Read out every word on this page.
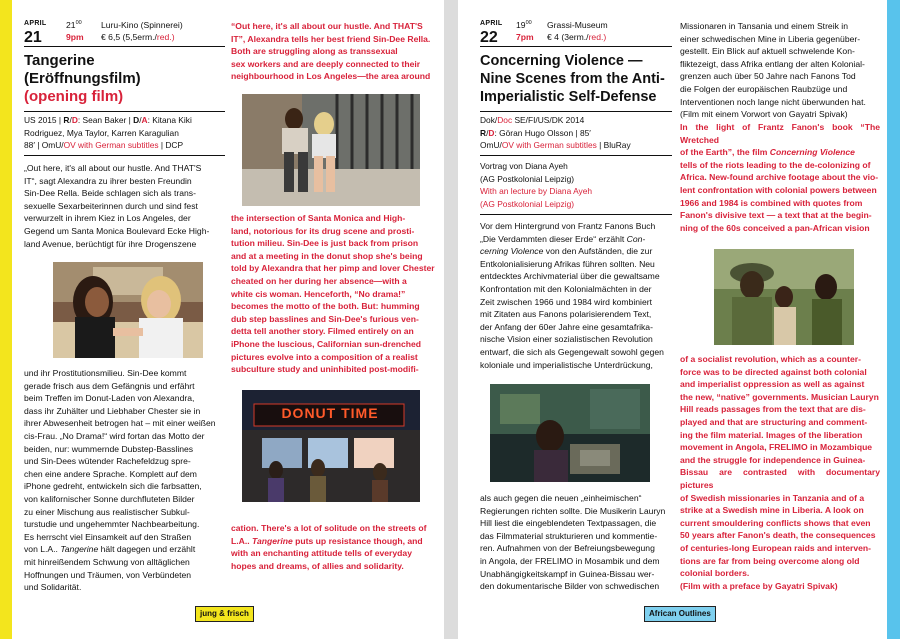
APRIL
21
$21^{00}$
9pm
Luru-Kino (Spinnerei)
€ 6,5 (5,5erm./red.)
Tangerine
(Eröffnungsfilm)
(opening film)
US 2015 | R/D: Sean Baker | D/A: Kitana Kiki
Rodriguez, Mya Taylor, Karren Karagulian
88′ | OmU/OV with German subtitles | DCP
„Out here, it's all about our hustle. And THAT'S
IT“, sagt Alexandra zu ihrer besten Freundin
Sin-Dee Rella. Beide schlagen sich als trans-
sexuelle Sexarbeiterinnen durch und sind fest
verwurzelt in ihrem Kiez in Los Angeles, der
Gegend um Santa Monica Boulevard Ecke High-
land Avenue, berüchtigt für ihre Drogenszene
und ihr Prostitutionsmilieu. Sin-Dee kommt
gerade frisch aus dem Gefängnis und erfährt
beim Treffen im Donut-Laden von Alexandra,
dass ihr Zuhälter und Liebhaber Chester sie in
ihrer Abwesenheit betrogen hat – mit einer weißen
cis-Frau. „No Drama!“ wird fortan das Motto der
beiden, nur: wummernde Dubstep-Basslines
und Sin-Dees wütender Rachefeldzug spre-
chen eine andere Sprache. Komplett auf dem
iPhone gedreht, entwickeln sich die farbsatten,
von kalifornischer Sonne durchfluteten Bilder
zu einer Mischung aus realistischer Subkul-
turstudie und ungehemmter Nachbearbeitung.
Es herrscht viel Einsamkeit auf den Straßen
von L.A.. Tangerine hält dagegen und erzählt
mit hinreißendem Schwung von alltäglichen
Hoffnungen und Träumen, von Verbündeten
und Solidarität.
“Out here, it's all about our hustle. And THAT'S
IT”, Alexandra tells her best friend Sin-Dee Rella.
Both are struggling along as transsexual
sex workers and are deeply connected to their
neighbourhood in Los Angeles—the area around
the intersection of Santa Monica and High-
land, notorious for its drug scene and prosti-
tution milieu. Sin-Dee is just back from prison
and at a meeting in the donut shop she's being
told by Alexandra that her pimp and lover Chester
cheated on her during her absence—with a
white cis woman. Henceforth, “No drama!”
becomes the motto of the both. But: humming
dub step basslines and Sin-Dee's furious ven-
detta tell another story. Filmed entirely on an
iPhone the luscious, Californian sun-drenched
pictures evolve into a composition of a realist
subculture study and uninhibited post-modifi-
DONUT TIME
cation. There's a lot of solitude on the streets of
L.A.. Tangerine puts up resistance though, and
with an enchanting attitude tells of everyday
hopes and dreams, of allies and solidarity.
jung & frisch
APRIL
22
$19^{00}$
7pm
Grassi-Museum
€ 4 (3erm./red.)
Concerning Violence —
Nine Scenes from the Anti-
Imperialistic Self-Defense
Dok/Doc SE/FI/US/DK 2014
R/D: Göran Hugo Olsson | 85′
OmU/OV with German subtitles | BluRay
Vortrag von Diana Ayeh
(AG Postkolonial Leipzig)
With an lecture by Diana Ayeh
(AG Postkolonial Leipzig)
Vor dem Hintergrund von Frantz Fanons Buch
„Die Verdammten dieser Erde“ erzählt Con-
cerning Violence von den Aufständen, die zur
Entkolonialisierung Afrikas führen sollten. Neu
entdecktes Archivmaterial über die gewaltsame
Konfrontation mit den Kolonialmächten in der
Zeit zwischen 1966 und 1984 wird kombiniert
mit Zitaten aus Fanons polarisierendem Text,
der Anfang der 60er Jahre eine gesamtafrika-
nische Vision einer sozialistischen Revolution
entwarf, die sich als Gegengewalt sowohl gegen
koloniale und imperialistische Unterdrückung,
als auch gegen die neuen „einheimischen“
Regierungen richten sollte. Die Musikerin Lauryn
Hill liest die eingeblendeten Textpassagen, die
das Filmmaterial strukturieren und kommentie-
ren. Aufnahmen von der Befreiungsbewegung
in Angola, der FRELIMO in Mosambik und dem
Unabhängigkeitskampf in Guinea-Bissau wer-
den dokumentarische Bilder von schwedischen
Missionaren in Tansania und einem Streik in
einer schwedischen Mine in Liberia gegenüber-
gestellt. Ein Blick auf aktuell schwelende Kon-
fliktezeigt, dass Afrika entlang der alten Kolonial-
grenzen auch über 50 Jahre nach Fanons Tod
die Folgen der europäischen Raubzüge und
Interventionen noch lange nicht überwunden hat.
(Film mit einem Vorwort von Gayatri Spivak)
In the light of Frantz Fanon's book “The Wretched
of the Earth”, the film Concerning Violence
tells of the riots leading to the de-colonizing of
Africa. New-found archive footage about the vio-
lent confrontation with colonial powers between
1966 and 1984 is combined with quotes from
Fanon's divisive text — a text that at the begin-
ning of the 60s conceived a pan-African vision
of a socialist revolution, which as a counter-
force was to be directed against both colonial
and imperialist oppression as well as against
the new, “native” governments. Musician Lauryn
Hill reads passages from the text that are dis-
played and that are structuring and comment-
ing the film material. Images of the liberation
movement in Angola, FRELIMO in Mozambique
and the struggle for independence in Guinea-
Bissau are contrasted with documentary pictures
of Swedish missionaries in Tanzania and of a
strike at a Swedish mine in Liberia. A look on
current smouldering conflicts shows that even
50 years after Fanon's death, the consequences
of centuries-long European raids and interven-
tions are far from being overcome along old
colonial borders.
(Film with a preface by Gayatri Spivak)
African Outlines
